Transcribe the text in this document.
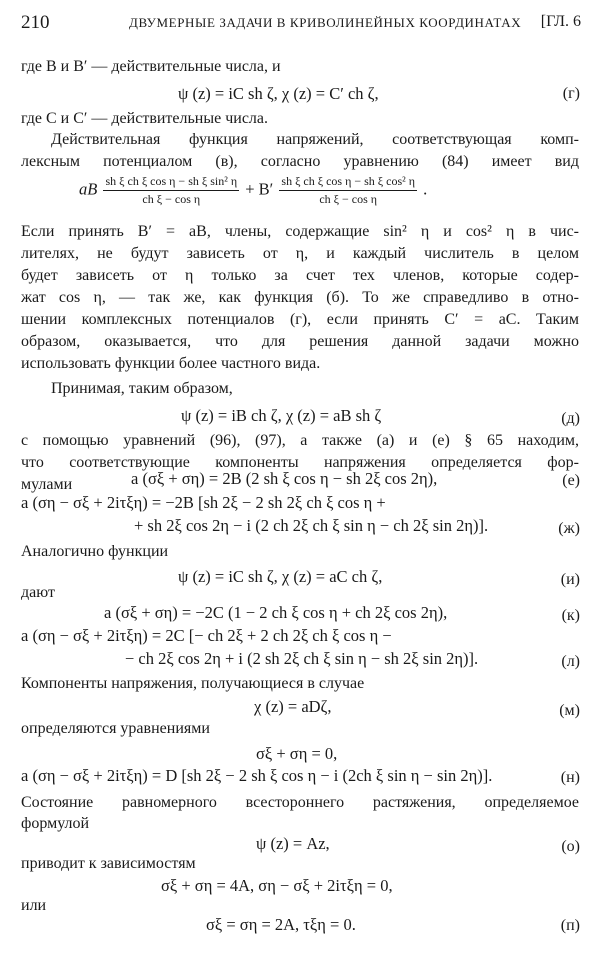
210	ДВУМЕРНЫЕ ЗАДАЧИ В КРИВОЛИНЕЙНЫХ КООРДИНАТАХ [ГЛ. 6
где B и B′ — действительные числа, и
ψ (z) = iC sh ζ, χ (z) = C′ ch ζ,	(г)
где C и C′ — действительные числа.
Действительная функция напряжений, соответствующая комп-
лексным потенциалом (в), согласно уравнению (84) имеет вид
aB $\frac{\text{sh ξ ch ξ cos η − sh ξ sin² η}}{\text{ch ξ − cos η}} + B' \frac{\text{sh ξ ch ξ cos η − sh ξ cos² η}}{\text{ch ξ − cos η}}$ .
Если принять B′ = aB, члены, содержащие sin² η и cos² η в чис-
лителях, не будут зависеть от η, и каждый числитель в целом
будет зависеть от η только за счет тех членов, которые содер-
жат cos η, — так же, как функция (б). То же справедливо в отно-
шении комплексных потенциалов (г), если принять C′ = aC. Таким
образом, оказывается, что для решения данной задачи можно
использовать функции более частного вида.
Принимая, таким образом,
ψ (z) = iB ch ζ, χ (z) = aB sh ζ	(д)
с помощью уравнений (96), (97), а также (а) и (е) § 65 находим,
что соответствующие компоненты напряжения определяется фор-
мулами	a (σξ + ση) = 2B (2 sh ξ cos η − sh 2ξ cos 2η),	(е)
a (ση − σξ + 2iτξη) = −2B [sh 2ξ − 2 sh 2ξ ch ξ cos η +
+ sh 2ξ cos 2η − i (2 ch 2ξ ch ξ sin η − ch 2ξ sin 2η)].	(ж)
Аналогично функции
ψ (z) = iC sh ζ, χ (z) = aC ch ζ,	(и)
дают
a (σξ + ση) = −2C (1 − 2 ch ξ cos η + ch 2ξ cos 2η),	(к)
a (ση − σξ + 2iτξη) = 2C [− ch 2ξ + 2 ch 2ξ ch ξ cos η −
− ch 2ξ cos 2η + i (2 sh 2ξ ch ξ sin η − sh 2ξ sin 2η)].	(л)
Компоненты напряжения, получающиеся в случае
χ (z) = aDζ,	(м)
определяются уравнениями
σξ + ση = 0,
a (ση − σξ + 2iτξη) = D [sh 2ξ − 2 sh ξ cos η − i (2ch ξ sin η − sin 2η)].	(н)
Состояние равномерного всестороннего растяжения, определяемое
формулой
ψ (z) = Az,	(о)
приводит к зависимостям
σξ + ση = 4A, ση − σξ + 2iτξη = 0,
или
σξ = ση = 2A, τξη = 0.	(п)
